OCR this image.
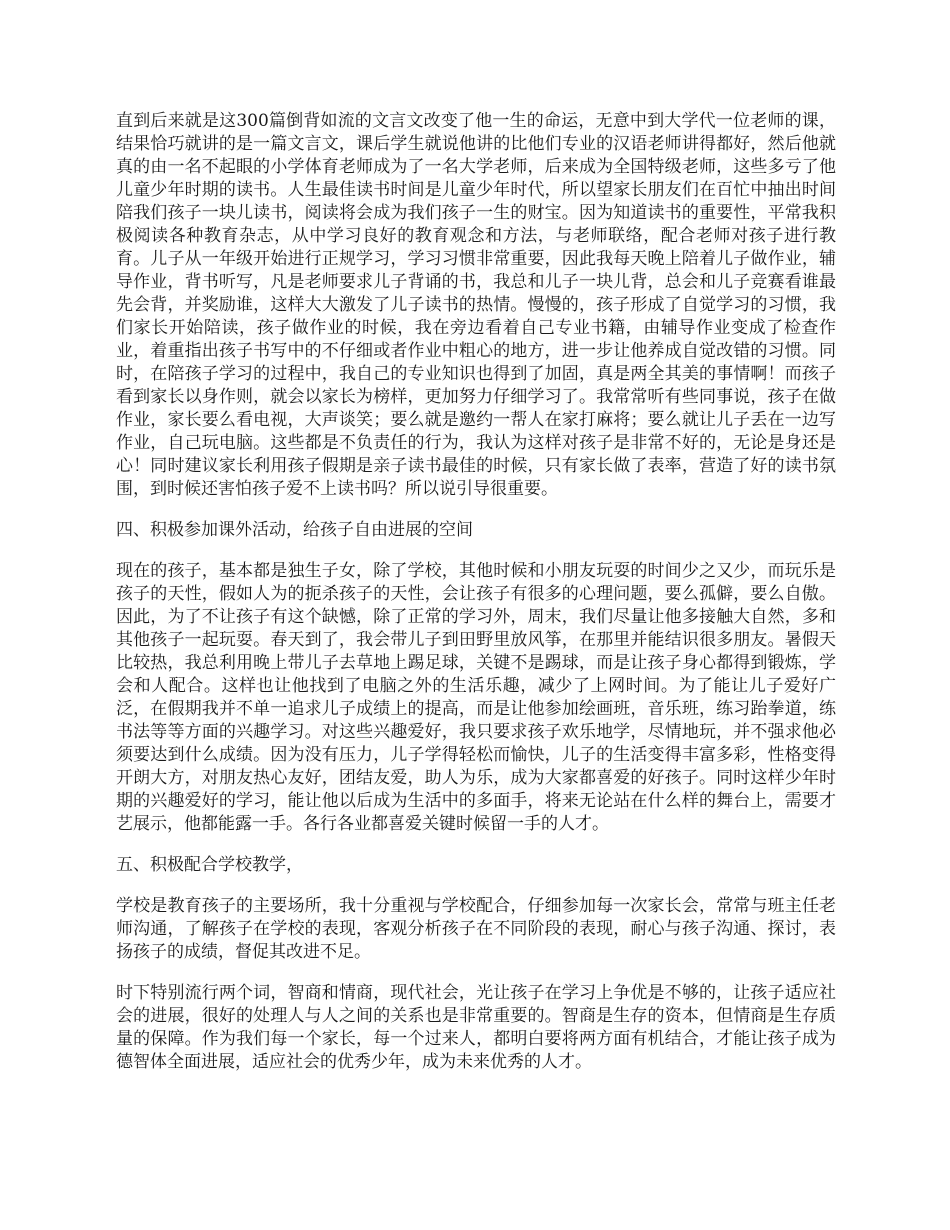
直到后来就是这300篇倒背如流的文言文改变了他一生的命运，无意中到大学代一位老师的课，结果恰巧就讲的是一篇文言文，课后学生就说他讲的比他们专业的汉语老师讲得都好，然后他就真的由一名不起眼的小学体育老师成为了一名大学老师，后来成为全国特级老师，这些多亏了他儿童少年时期的读书。人生最佳读书时间是儿童少年时代，所以望家长朋友们在百忙中抽出时间陪我们孩子一块儿读书，阅读将会成为我们孩子一生的财宝。因为知道读书的重要性，平常我积极阅读各种教育杂志，从中学习良好的教育观念和方法，与老师联络，配合老师对孩子进行教育。儿子从一年级开始进行正规学习，学习习惯非常重要，因此我每天晚上陪着儿子做作业，辅导作业，背书听写，凡是老师要求儿子背诵的书，我总和儿子一块儿背，总会和儿子竞赛看谁最先会背，并奖励谁，这样大大激发了儿子读书的热情。慢慢的，孩子形成了自觉学习的习惯，我们家长开始陪读，孩子做作业的时候，我在旁边看着自己专业书籍，由辅导作业变成了检查作业，着重指出孩子书写中的不仔细或者作业中粗心的地方，进一步让他养成自觉改错的习惯。同时，在陪孩子学习的过程中，我自己的专业知识也得到了加固，真是两全其美的事情啊！而孩子看到家长以身作则，就会以家长为榜样，更加努力仔细学习了。我常常听有些同事说，孩子在做作业，家长要么看电视，大声谈笑；要么就是邀约一帮人在家打麻将；要么就让儿子丢在一边写作业，自己玩电脑。这些都是不负责任的行为，我认为这样对孩子是非常不好的，无论是身还是心！同时建议家长利用孩子假期是亲子读书最佳的时候，只有家长做了表率，营造了好的读书氛围，到时候还害怕孩子爱不上读书吗？所以说引导很重要。

四、积极参加课外活动，给孩子自由进展的空间

现在的孩子，基本都是独生子女，除了学校，其他时候和小朋友玩耍的时间少之又少，而玩乐是孩子的天性，假如人为的扼杀孩子的天性，会让孩子有很多的心理问题，要么孤僻，要么自傲。因此，为了不让孩子有这个缺憾，除了正常的学习外，周末，我们尽量让他多接触大自然，多和其他孩子一起玩耍。春天到了，我会带儿子到田野里放风筝，在那里并能结识很多朋友。暑假天比较热，我总利用晚上带儿子去草地上踢足球，关键不是踢球，而是让孩子身心都得到锻炼，学会和人配合。这样也让他找到了电脑之外的生活乐趣，减少了上网时间。为了能让儿子爱好广泛，在假期我并不单一追求儿子成绩上的提高，而是让他参加绘画班，音乐班，练习跆拳道，练书法等等方面的兴趣学习。对这些兴趣爱好，我只要求孩子欢乐地学，尽情地玩，并不强求他必须要达到什么成绩。因为没有压力，儿子学得轻松而愉快，儿子的生活变得丰富多彩，性格变得开朗大方，对朋友热心友好，团结友爱，助人为乐，成为大家都喜爱的好孩子。同时这样少年时期的兴趣爱好的学习，能让他以后成为生活中的多面手，将来无论站在什么样的舞台上，需要才艺展示，他都能露一手。各行各业都喜爱关键时候留一手的人才。

五、积极配合学校教学，

学校是教育孩子的主要场所，我十分重视与学校配合，仔细参加每一次家长会，常常与班主任老师沟通，了解孩子在学校的表现，客观分析孩子在不同阶段的表现，耐心与孩子沟通、探讨，表扬孩子的成绩，督促其改进不足。

时下特别流行两个词，智商和情商，现代社会，光让孩子在学习上争优是不够的，让孩子适应社会的进展，很好的处理人与人之间的关系也是非常重要的。智商是生存的资本，但情商是生存质量的保障。作为我们每一个家长，每一个过来人，都明白要将两方面有机结合，才能让孩子成为德智体全面进展，适应社会的优秀少年，成为未来优秀的人才。
